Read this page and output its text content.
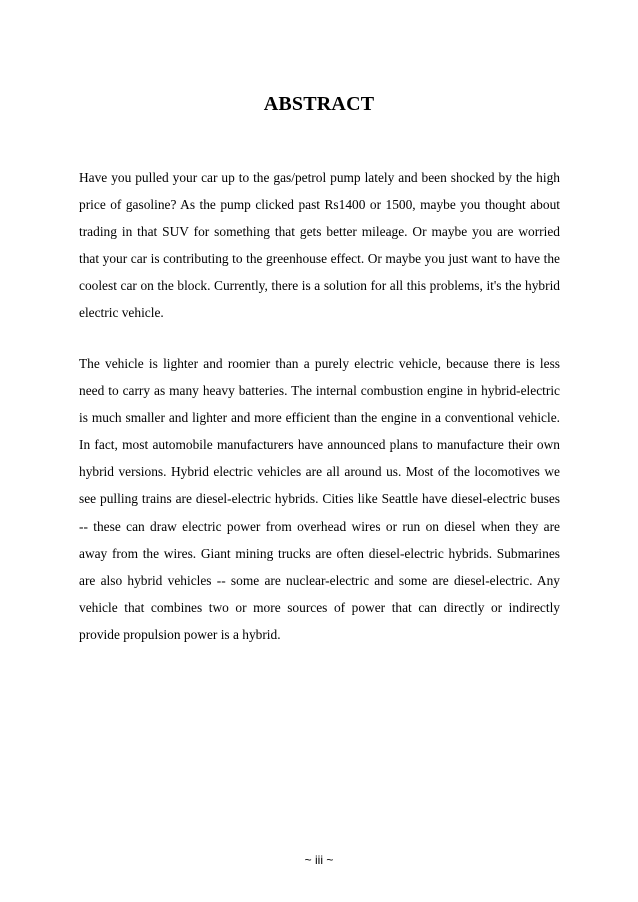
ABSTRACT

Have you pulled your car up to the gas/petrol pump lately and been shocked by the high price of gasoline? As the pump clicked past Rs1400 or 1500, maybe you thought about trading in that SUV for something that gets better mileage. Or maybe you are worried that your car is contributing to the greenhouse effect. Or maybe you just want to have the coolest car on the block. Currently, there is a solution for all this problems, it's the hybrid electric vehicle.

The vehicle is lighter and roomier than a purely electric vehicle, because there is less need to carry as many heavy batteries. The internal combustion engine in hybrid-electric is much smaller and lighter and more efficient than the engine in a conventional vehicle. In fact, most automobile manufacturers have announced plans to manufacture their own hybrid versions. Hybrid electric vehicles are all around us. Most of the locomotives we see pulling trains are diesel-electric hybrids. Cities like Seattle have diesel-electric buses -- these can draw electric power from overhead wires or run on diesel when they are away from the wires. Giant mining trucks are often diesel-electric hybrids. Submarines are also hybrid vehicles -- some are nuclear-electric and some are diesel-electric. Any vehicle that combines two or more sources of power that can directly or indirectly provide propulsion power is a hybrid.

~ iii ~
